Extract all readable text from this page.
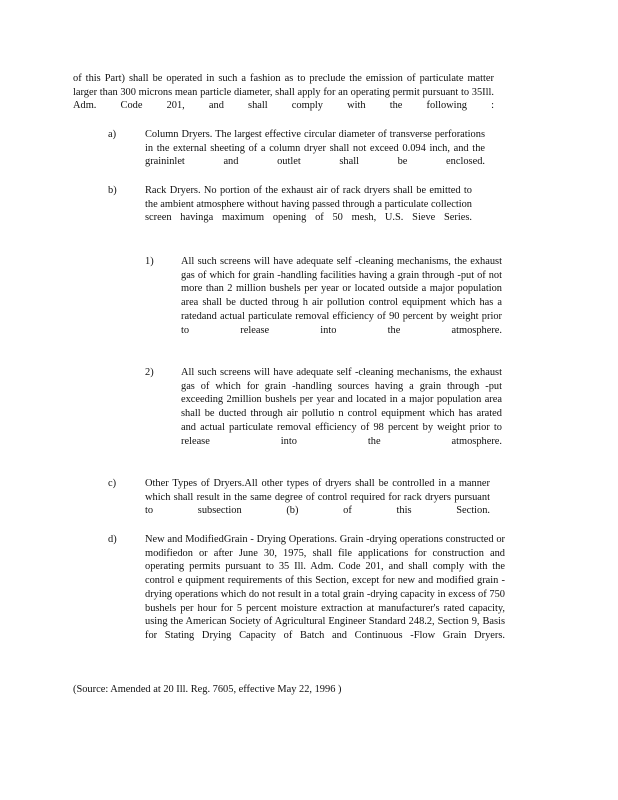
of this Part) shall be operated in such a fashion as to preclude the emission of particulate matter larger than 300 microns mean particle diameter, shall apply for an operating permit pursuant to 35Ill. Adm. Code 201, and shall comply with the following :

a)	Column Dryers. The largest effective circular diameter of transverse perforations in the external sheeting of a column dryer shall not exceed 0.094 inch, and the graininlet and outlet shall be enclosed.

b)	Rack Dryers. No portion of the exhaust air of rack dryers shall be emitted to the ambient atmosphere without having passed through a particulate collection screen havinga maximum opening of 50 mesh, U.S. Sieve Series.

1)	All such screens will have adequate self -cleaning mechanisms, the exhaust gas of which for grain -handling facilities having a grain through -put of not more than 2 million bushels per year or located outside a major population area shall be ducted throug h air pollution control equipment which has a ratedand actual particulate removal efficiency of 90 percent by weight prior to release into the atmosphere.

2)	All such screens will have adequate self -cleaning mechanisms, the exhaust gas of which for grain -handling sources having a grain through -put exceeding 2million bushels per year and located in a major population area shall be ducted through air pollutio n control equipment which has arated and actual particulate removal efficiency of 98 percent by weight prior to release into the atmosphere.

c)	Other Types of Dryers.All other types of dryers shall be controlled in a manner which shall result in the same degree of control required for rack dryers pursuant to subsection (b) of this Section.

d)	New and ModifiedGrain - Drying Operations. Grain -drying operations constructed or modifiedon or after June 30, 1975, shall file applications for construction and operating permits pursuant to 35 Ill. Adm. Code 201, and shall comply with the control e quipment requirements of this Section, except for new and modified grain -drying operations which do not result in a total grain -drying capacity in excess of 750 bushels per hour for 5 percent moisture extraction at manufacturer's rated capacity, using the American Society of Agricultural Engineer Standard 248.2, Section 9, Basis for Stating Drying Capacity of Batch and Continuous -Flow Grain Dryers.

(Source: Amended at 20 Ill. Reg. 7605, effective May 22, 1996 )
